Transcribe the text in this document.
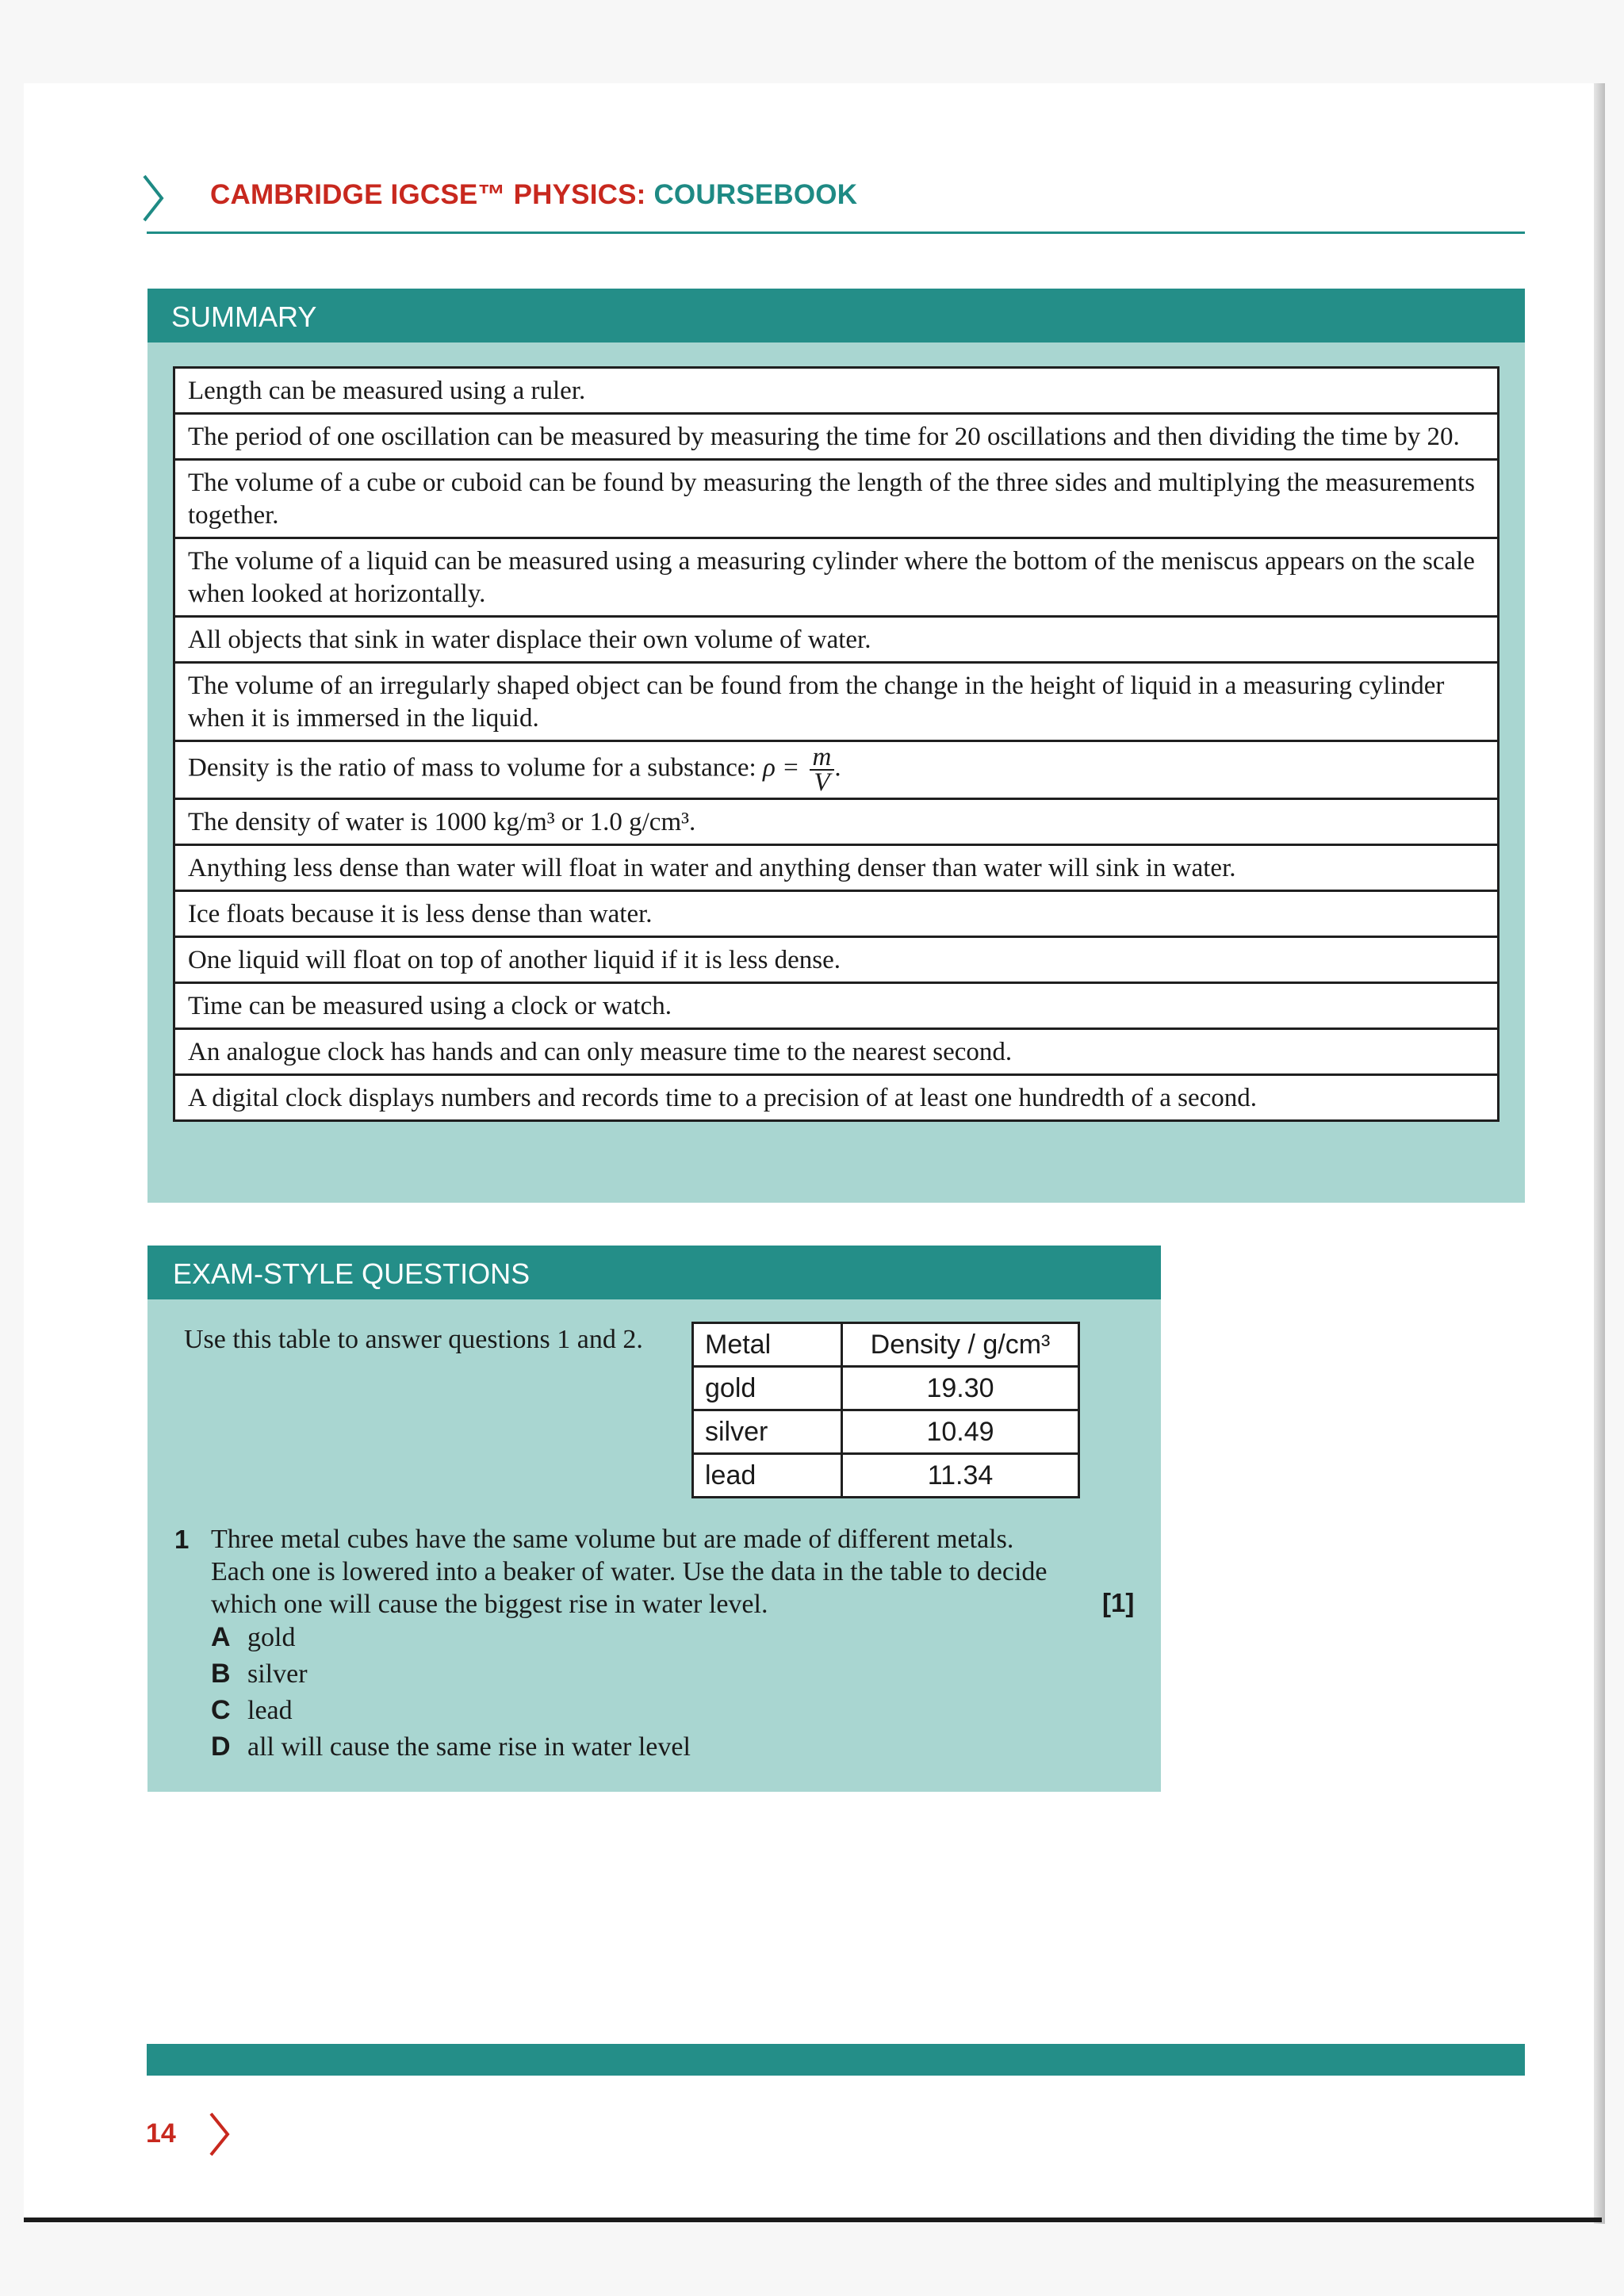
CAMBRIDGE IGCSE™ PHYSICS: COURSEBOOK
SUMMARY
Length can be measured using a ruler.
The period of one oscillation can be measured by measuring the time for 20 oscillations and then dividing the time by 20.
The volume of a cube or cuboid can be found by measuring the length of the three sides and multiplying the measurements together.
The volume of a liquid can be measured using a measuring cylinder where the bottom of the meniscus appears on the scale when looked at horizontally.
All objects that sink in water displace their own volume of water.
The volume of an irregularly shaped object can be found from the change in the height of liquid in a measuring cylinder when it is immersed in the liquid.
Density is the ratio of mass to volume for a substance: $\rho = \frac{m}{V}$ .
The density of water is 1000 kg/m³ or 1.0 g/cm³.
Anything less dense than water will float in water and anything denser than water will sink in water.
Ice floats because it is less dense than water.
One liquid will float on top of another liquid if it is less dense.
Time can be measured using a clock or watch.
An analogue clock has hands and can only measure time to the nearest second.
A digital clock displays numbers and records time to a precision of at least one hundredth of a second.
EXAM-STYLE QUESTIONS
Use this table to answer questions 1 and 2. Metal	Density / g/cm³
gold	19.30
silver	10.49
lead	11.34
1 Three metal cubes have the same volume but are made of different metals. Each one is lowered into a beaker of water. Use the data in the table to decide which one will cause the biggest rise in water level.	[1]
A gold
B silver
C lead
D all will cause the same rise in water level
14
